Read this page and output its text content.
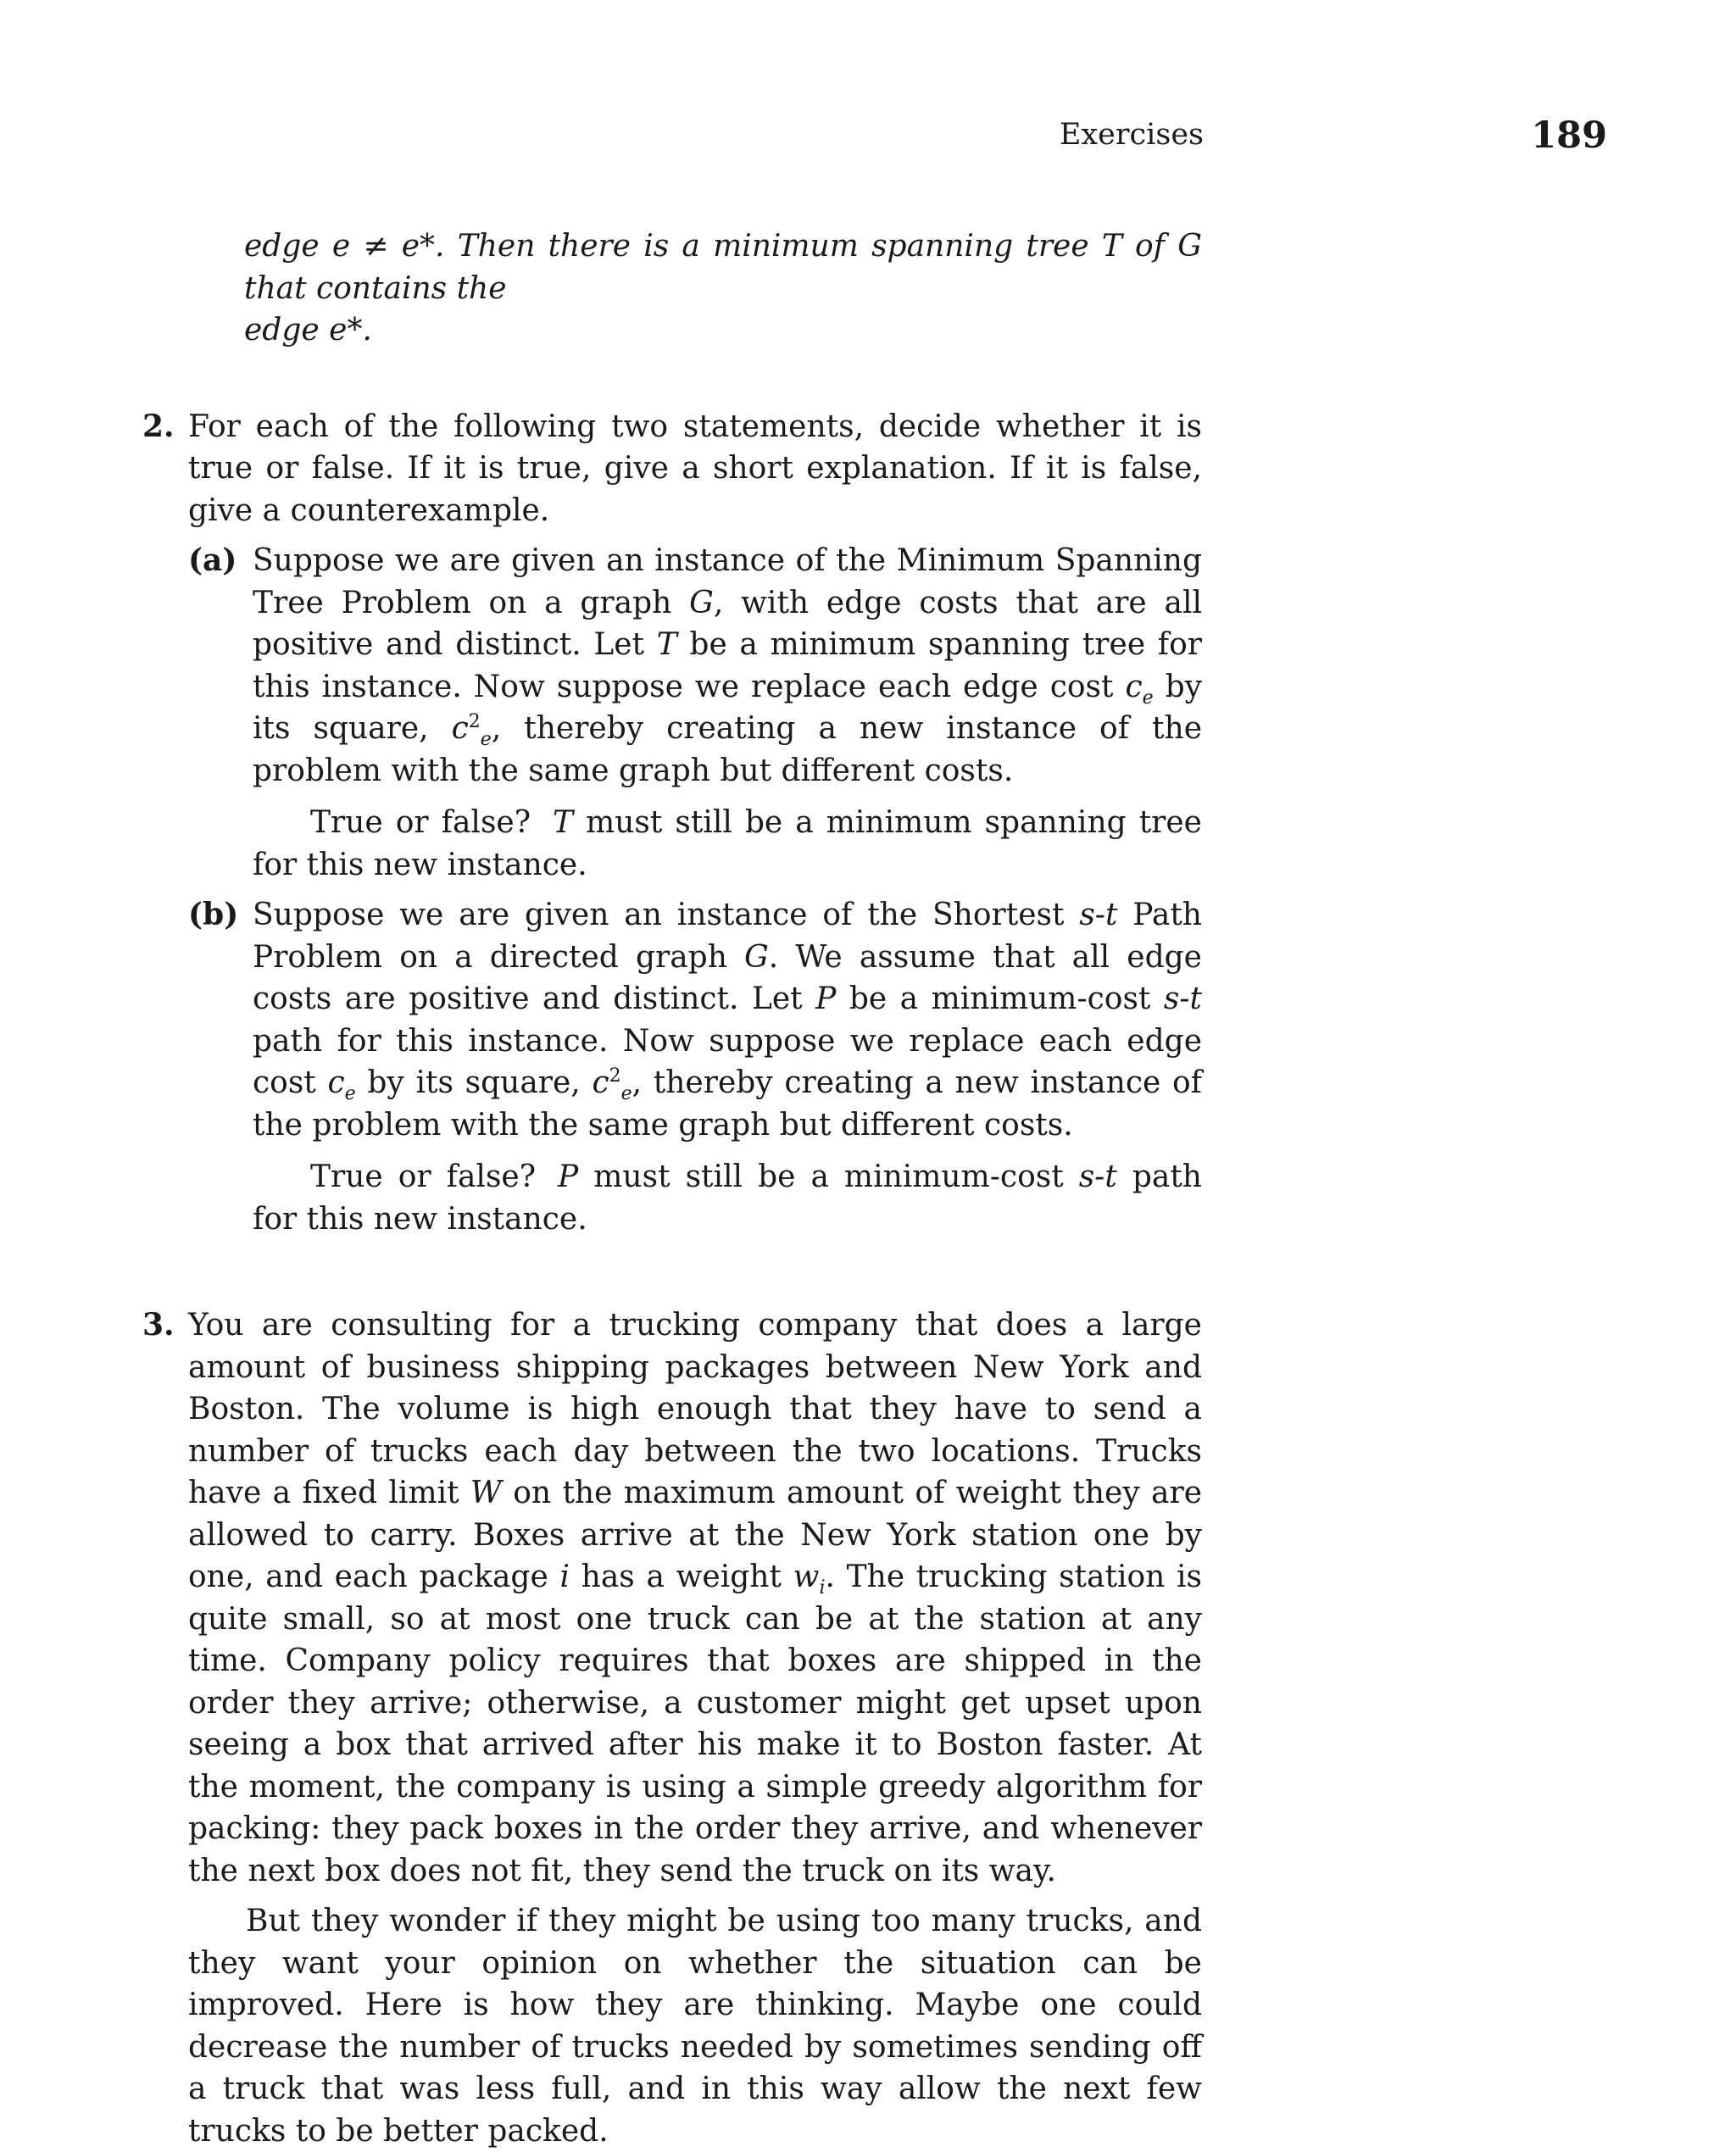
Exercises	189

edge e ≠ e*. Then there is a minimum spanning tree T of G that contains the

edge e*.

2. For each of the following two statements, decide whether it is true or false. If it is true, give a short explanation. If it is false, give a counterexample.

(a) Suppose we are given an instance of the Minimum Spanning Tree Problem on a graph G, with edge costs that are all positive and distinct. Let T be a minimum spanning tree for this instance. Now suppose we replace each edge cost $c_e$ by its square, $c^2_e$, thereby creating a new instance of the problem with the same graph but different costs.

True or false? T must still be a minimum spanning tree for this new instance.

(b) Suppose we are given an instance of the Shortest s-t Path Problem on a directed graph G. We assume that all edge costs are positive and distinct. Let P be a minimum-cost s-t path for this instance. Now suppose we replace each edge cost $c_e$ by its square, $c^2_e$, thereby creating a new instance of the problem with the same graph but different costs.

True or false? P must still be a minimum-cost s-t path for this new instance.

3. You are consulting for a trucking company that does a large amount of business shipping packages between New York and Boston. The volume is high enough that they have to send a number of trucks each day between the two locations. Trucks have a fixed limit W on the maximum amount of weight they are allowed to carry. Boxes arrive at the New York station one by one, and each package i has a weight $w_i$. The trucking station is quite small, so at most one truck can be at the station at any time. Company policy requires that boxes are shipped in the order they arrive; otherwise, a customer might get upset upon seeing a box that arrived after his make it to Boston faster. At the moment, the company is using a simple greedy algorithm for packing: they pack boxes in the order they arrive, and whenever the next box does not fit, they send the truck on its way.

But they wonder if they might be using too many trucks, and they want your opinion on whether the situation can be improved. Here is how they are thinking. Maybe one could decrease the number of trucks needed by sometimes sending off a truck that was less full, and in this way allow the next few trucks to be better packed.
